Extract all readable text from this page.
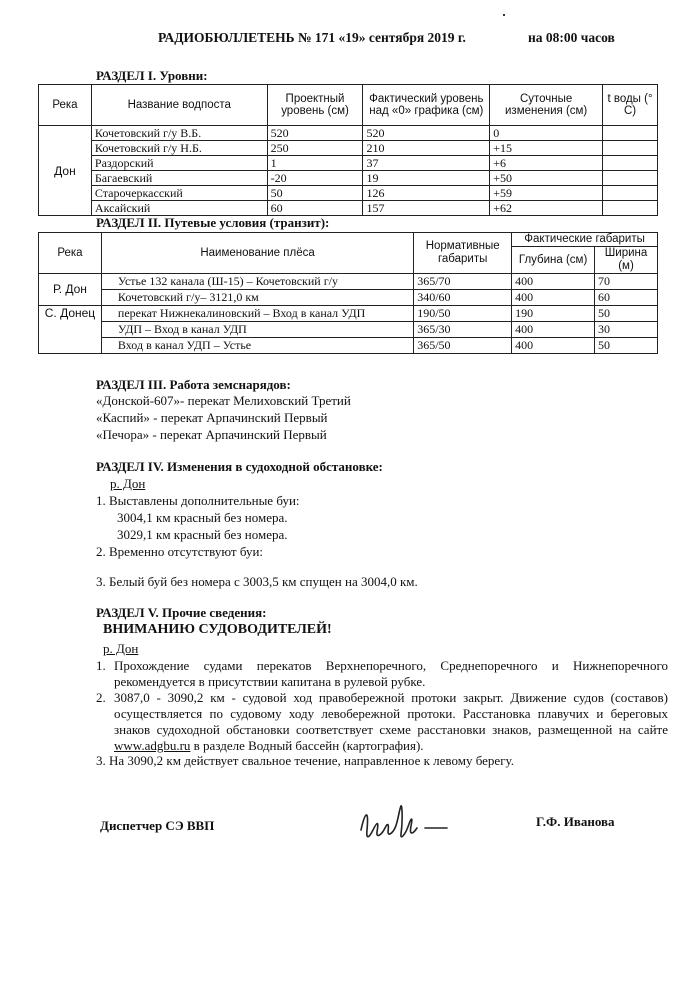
РАДИОБЮЛЛЕТЕНЬ № 171 «19» сентября 2019 г.	на 08:00 часов
РАЗДЕЛ I. Уровни:
Река	Название водпоста	Проектный уровень (см)	Фактический уровень над «0» графика (см)	Суточные изменения (см)	t воды (° С)
Дон	Кочетовский г/у В.Б.	520	520	0	
	Кочетовский г/у Н.Б.	250	210	+15	
	Раздорский	1	37	+6	
	Багаевский	-20	19	+50	
	Старочеркасский	50	126	+59	
	Аксайский	60	157	+62	
РАЗДЕЛ II. Путевые условия (транзит):
Река	Наименование плёса	Нормативные габариты	Фактические габариты	
			Глубина (см)	Ширина (м)
Р. Дон	Устье 132 канала (Ш-15) – Кочетовский г/у	365/70	400	70
	Кочетовский г/у– 3121,0 км	340/60	400	60
С. Донец	перекат Нижнекалиновский – Вход в канал УДП	190/50	190	50
	УДП – Вход в канал УДП	365/30	400	30
	Вход в канал УДП – Устье	365/50	400	50
РАЗДЕЛ III. Работа земснарядов:
«Донской-607»- перекат Мелиховский Третий
«Каспий» - перекат Арпачинский Первый
«Печора» - перекат Арпачинский Первый
РАЗДЕЛ IV. Изменения в судоходной обстановке:
р. Дон
1. Выставлены дополнительные буи:
3004,1 км красный без номера.
3029,1 км красный без номера.
2. Временно отсутствуют буи:
3. Белый буй без номера с 3003,5 км спущен на 3004,0 км.
РАЗДЕЛ V. Прочие сведения:
ВНИМАНИЮ СУДОВОДИТЕЛЕЙ!
р. Дон
1. Прохождение судами перекатов Верхнепоречного, Среднепоречного и Нижнепоречного рекомендуется в присутствии капитана в рулевой рубке.
2. 3087,0 - 3090,2 км - судовой ход правобережной протоки закрыт. Движение судов (составов) осуществляется по судовому ходу левобережной протоки. Расстановка плавучих и береговых знаков судоходной обстановки соответствует схеме расстановки знаков, размещенной на сайте www.adgbu.ru в разделе Водный бассейн (картография).
3. На 3090,2 км действует свальное течение, направленное к левому берегу.
Диспетчер СЭ ВВП	Г.Ф. Иванова
